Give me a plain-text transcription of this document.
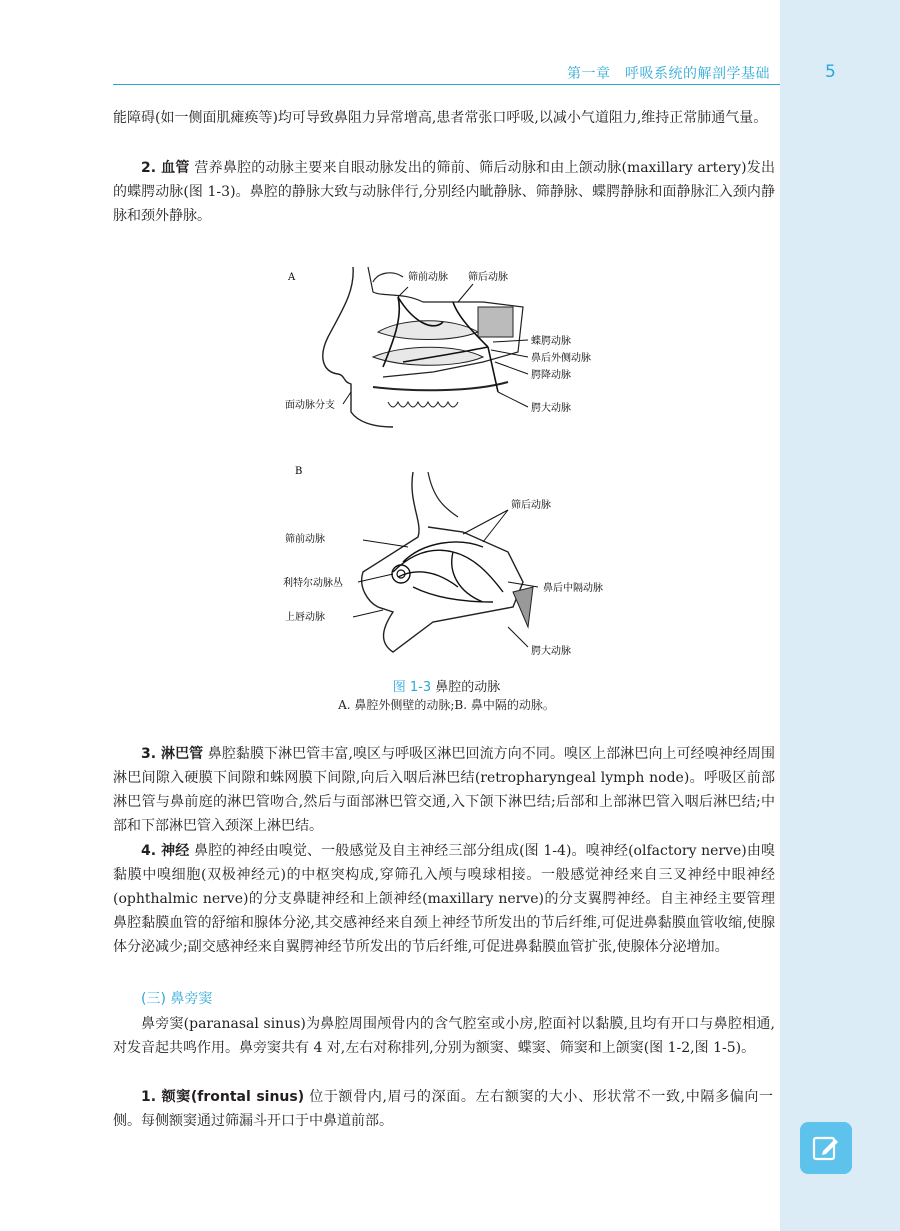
第一章　呼吸系统的解剖学基础	5
能障碍(如一侧面肌瘫痪等)均可导致鼻阻力异常增高,患者常张口呼吸,以减小气道阻力,维持正常肺通气量。
2. 血管 营养鼻腔的动脉主要来自眼动脉发出的筛前、筛后动脉和由上颌动脉(maxillary artery)发出的蝶腭动脉(图 1-3)。鼻腔的静脉大致与动脉伴行,分别经内眦静脉、筛静脉、蝶腭静脉和面静脉汇入颈内静脉和颈外静脉。
A	筛前动脉 筛后动脉
蝶腭动脉
鼻后外侧动脉
腭降动脉
腭大动脉
面动脉分支
B
筛后动脉
筛前动脉
利特尔动脉丛	鼻后中隔动脉
上唇动脉
腭大动脉
图 1-3 鼻腔的动脉
A. 鼻腔外侧壁的动脉;B. 鼻中隔的动脉。
3. 淋巴管 鼻腔黏膜下淋巴管丰富,嗅区与呼吸区淋巴回流方向不同。嗅区上部淋巴向上可经嗅神经周围淋巴间隙入硬膜下间隙和蛛网膜下间隙,向后入咽后淋巴结(retropharyngeal lymph node)。呼吸区前部淋巴管与鼻前庭的淋巴管吻合,然后与面部淋巴管交通,入下颌下淋巴结;后部和上部淋巴管入咽后淋巴结;中部和下部淋巴管入颈深上淋巴结。
4. 神经 鼻腔的神经由嗅觉、一般感觉及自主神经三部分组成(图 1-4)。嗅神经(olfactory nerve)由嗅黏膜中嗅细胞(双极神经元)的中枢突构成,穿筛孔入颅与嗅球相接。一般感觉神经来自三叉神经中眼神经(ophthalmic nerve)的分支鼻睫神经和上颌神经(maxillary nerve)的分支翼腭神经。自主神经主要管理鼻腔黏膜血管的舒缩和腺体分泌,其交感神经来自颈上神经节所发出的节后纤维,可促进鼻黏膜血管收缩,使腺体分泌减少;副交感神经来自翼腭神经节所发出的节后纤维,可促进鼻黏膜血管扩张,使腺体分泌增加。
(三) 鼻旁窦
鼻旁窦(paranasal sinus)为鼻腔周围颅骨内的含气腔室或小房,腔面衬以黏膜,且均有开口与鼻腔相通,对发音起共鸣作用。鼻旁窦共有 4 对,左右对称排列,分别为额窦、蝶窦、筛窦和上颌窦(图 1-2,图 1-5)。
1. 额窦(frontal sinus) 位于额骨内,眉弓的深面。左右额窦的大小、形状常不一致,中隔多偏向一侧。每侧额窦通过筛漏斗开口于中鼻道前部。
